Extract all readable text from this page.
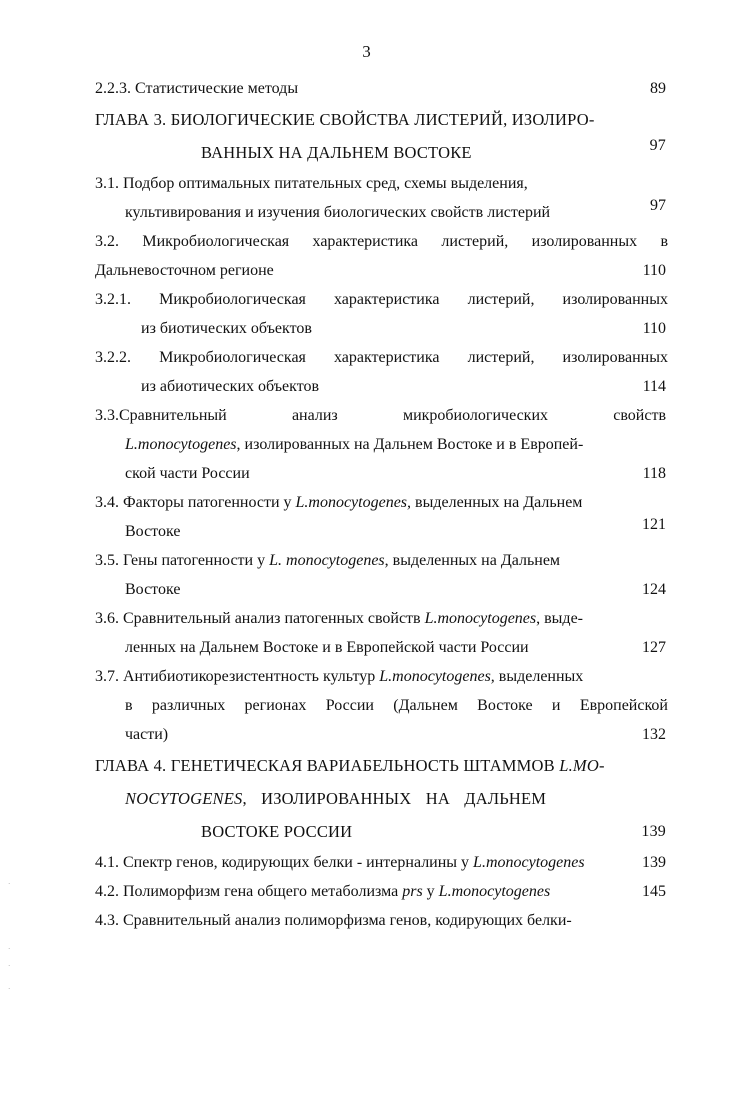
3
2.2.3. Статистические методы	89
ГЛАВА 3. БИОЛОГИЧЕСКИЕ СВОЙСТВА ЛИСТЕРИЙ, ИЗОЛИРО-
ВАННЫХ НА ДАЛЬНЕМ ВОСТОКЕ	97
3.1. Подбор оптимальных питательных сред, схемы выделения,
культивирования и изучения биологических свойств листерий	97
3.2. Микробиологическая характеристика листерий, изолированных в
Дальневосточном регионе	110
3.2.1. Микробиологическая характеристика листерий, изолированных
из биотических объектов	110
3.2.2. Микробиологическая характеристика листерий, изолированных
из абиотических объектов	114
3.3.Сравнительный	анализ	микробиологических	свойств
L.monocytogenes, изолированных на Дальнем Востоке и в Европей-
ской части России	118
3.4. Факторы патогенности у L.monocytogenes, выделенных на Дальнем
Востоке	121
3.5. Гены патогенности у L. monocytogenes, выделенных на Дальнем
Востоке	124
3.6. Сравнительный анализ патогенных свойств L.monocytogenes, выде-
ленных на Дальнем Востоке и в Европейской части России	127
3.7. Антибиотикорезистентность культур L.monocytogenes, выделенных
в различных регионах России (Дальнем Востоке и Европейской
части)	132
ГЛАВА 4. ГЕНЕТИЧЕСКАЯ ВАРИАБЕЛЬНОСТЬ ШТАММОВ L.MO-
NOCYTOGENES, ИЗОЛИРОВАННЫХ НА ДАЛЬНЕМ
ВОСТОКЕ РОССИИ	139
4.1. Спектр генов, кодирующих белки - интерналины у L.monocytogenes	139
4.2. Полиморфизм гена общего метаболизма prs у L.monocytogenes	145
4.3. Сравнительный анализ полиморфизма генов, кодирующих белки-
·
·
·
·
